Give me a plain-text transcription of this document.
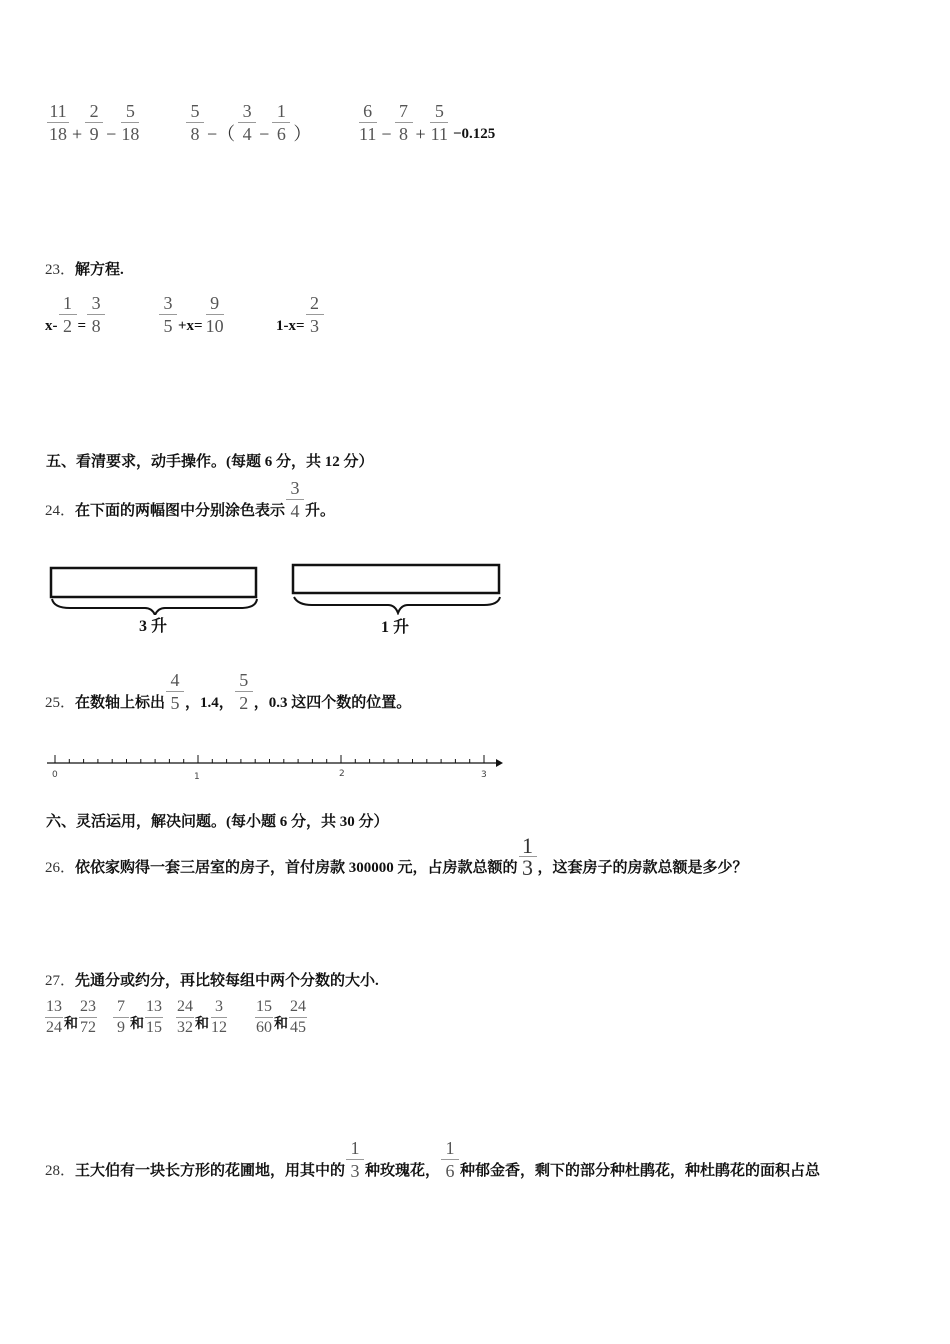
$\frac{11}{18} + \frac{2}{9} - \frac{5}{18} \frac{5}{8}$ −（ $\frac{3}{4} - \frac{1}{6}$ ）	$\frac{6}{11} - \frac{7}{8} + \frac{5}{11} -0.125$
23． 解方程.
$x- \frac{1}{2} = \frac{3}{8}$	$\frac{3}{5} +x= \frac{9}{10}$	$1-x= \frac{2}{3}$
五、看清要求，动手操作。(每题 6 分，共 12 分）
24． 在下面的两幅图中分别涂色表示 $\frac{3}{4}$ 升。
3 升	1 升
25． 在数轴上标出 $\frac{4}{5}$ ，1.4， $\frac{5}{2}$ ，0.3 这四个数的位置。
0	1	2	3
六、灵活运用，解决问题。(每小题 6 分，共 30 分）
26． 依依家购得一套三居室的房子，首付房款 300000 元，占房款总额的 $\frac{1}{3}$ ，这套房子的房款总额是多少？
27． 先通分或约分，再比较每组中两个分数的大小.
$\frac{13}{24}$ 和 $\frac{23}{72} \frac{7}{9}$ 和 $\frac{13}{15} \frac{24}{32}$ 和 $\frac{3}{12} \frac{15}{60}$ 和 $\frac{24}{45}$
28． 王大伯有一块长方形的花圃地，用其中的 $\frac{1}{3}$ 种玫瑰花， $\frac{1}{6}$ 种郁金香，剩下的部分种杜鹃花，种杜鹃花的面积占总
